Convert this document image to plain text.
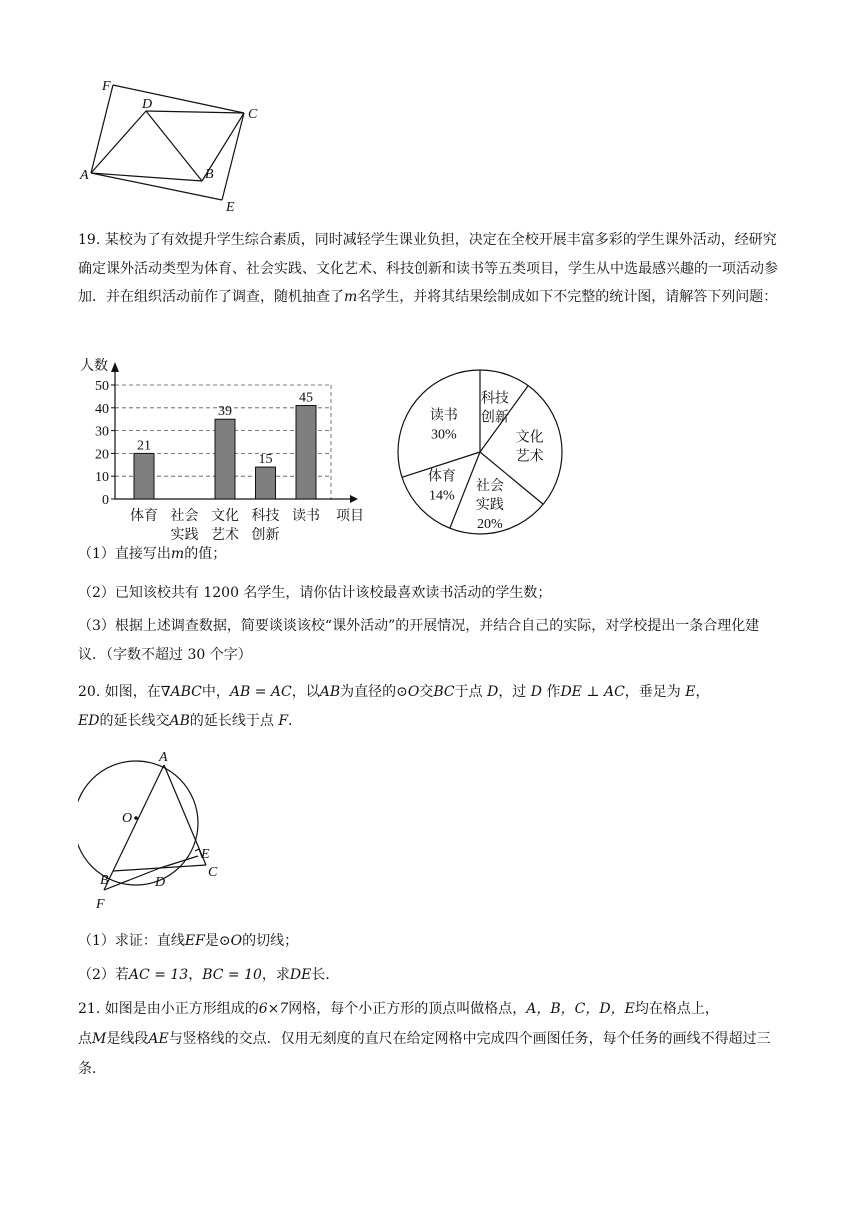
F
D
C
A	B
E

19. 某校为了有效提升学生综合素质，同时减轻学生课业负担，决定在全校开展丰富多彩的学生课外活动，经研究确定课外活动类型为体育、社会实践、文化艺术、科技创新和读书等五类项目，学生从中选最感兴趣的一项活动参加．并在组织活动前作了调查，随机抽查了m名学生，并将其结果绘制成如下不完整的统计图，请解答下列问题：

0
10
20
30
40
50
人数
项目
21
体育 社会
实践
39
文化
艺术
15
科技
创新
45
读书
科技
创新
文化
艺术
社会
实践
20%
体育
14%
读书
30%
（1）直接写出m的值；
（2）已知该校共有 1200 名学生，请你估计该校最喜欢读书活动的学生数；

（3）根据上述调查数据，简要谈谈该校“课外活动”的开展情况，并结合自己的实际，对学校提出一条合理化建议．（字数不超过 30 个字）

20. 如图，在∇ABC中，AB = AC，以AB为直径的⊙O交BC于点 D，过 D 作DE ⊥ AC，垂足为 E，

ED的延长线交AB的延长线于点 F.

A
O
E
C
B	D
F
（1）求证：直线EF是⊙O的切线；
（2）若AC = 13，BC = 10，求DE长．

21. 如图是由小正方形组成的6×7网格，每个小正方形的顶点叫做格点，A，B，C，D，E均在格点上，

点M是线段AE与竖格线的交点．仅用无刻度的直尺在给定网格中完成四个画图任务，每个任务的画线不得超过三条．
